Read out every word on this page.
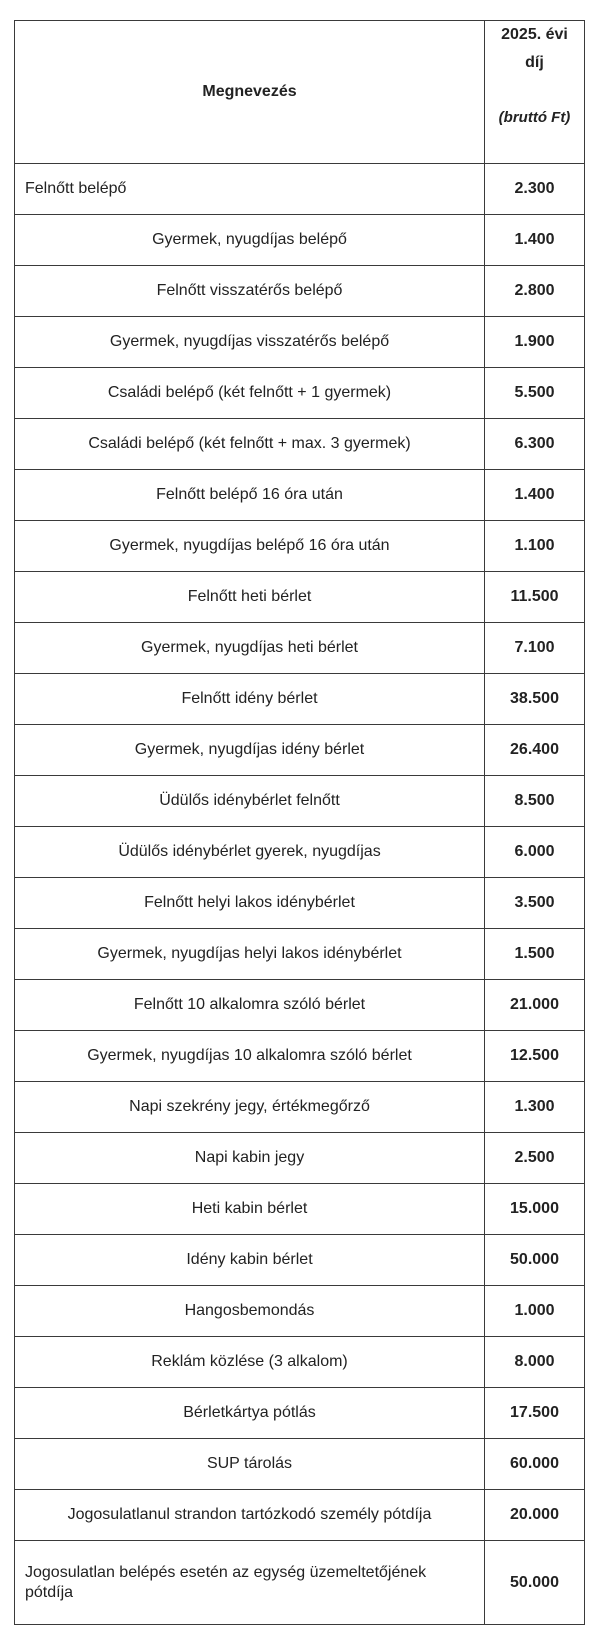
Megnevezés	2025. évi díj
(bruttó Ft)

Felnőtt belépő	2.300
Gyermek, nyugdíjas belépő	1.400
Felnőtt visszatérős belépő	2.800
Gyermek, nyugdíjas visszatérős belépő	1.900
Családi belépő (két felnőtt + 1 gyermek)	5.500
Családi belépő (két felnőtt + max. 3 gyermek)	6.300
Felnőtt belépő 16 óra után	1.400
Gyermek, nyugdíjas belépő 16 óra után	1.100
Felnőtt heti bérlet	11.500
Gyermek, nyugdíjas heti bérlet	7.100
Felnőtt idény bérlet	38.500
Gyermek, nyugdíjas idény bérlet	26.400
Üdülős idénybérlet felnőtt	8.500
Üdülős idénybérlet gyerek, nyugdíjas	6.000
Felnőtt helyi lakos idénybérlet	3.500
Gyermek, nyugdíjas helyi lakos idénybérlet	1.500
Felnőtt 10 alkalomra szóló bérlet	21.000
Gyermek, nyugdíjas 10 alkalomra szóló bérlet	12.500
Napi szekrény jegy, értékmegőrző	1.300
Napi kabin jegy	2.500
Heti kabin bérlet	15.000
Idény kabin bérlet	50.000
Hangosbemondás	1.000
Reklám közlése (3 alkalom)	8.000
Bérletkártya pótlás	17.500
SUP tárolás	60.000
Jogosulatlanul strandon tartózkodó személy pótdíja	20.000
Jogosulatlan belépés esetén az egység üzemeltetőjének pótdíja	50.000
